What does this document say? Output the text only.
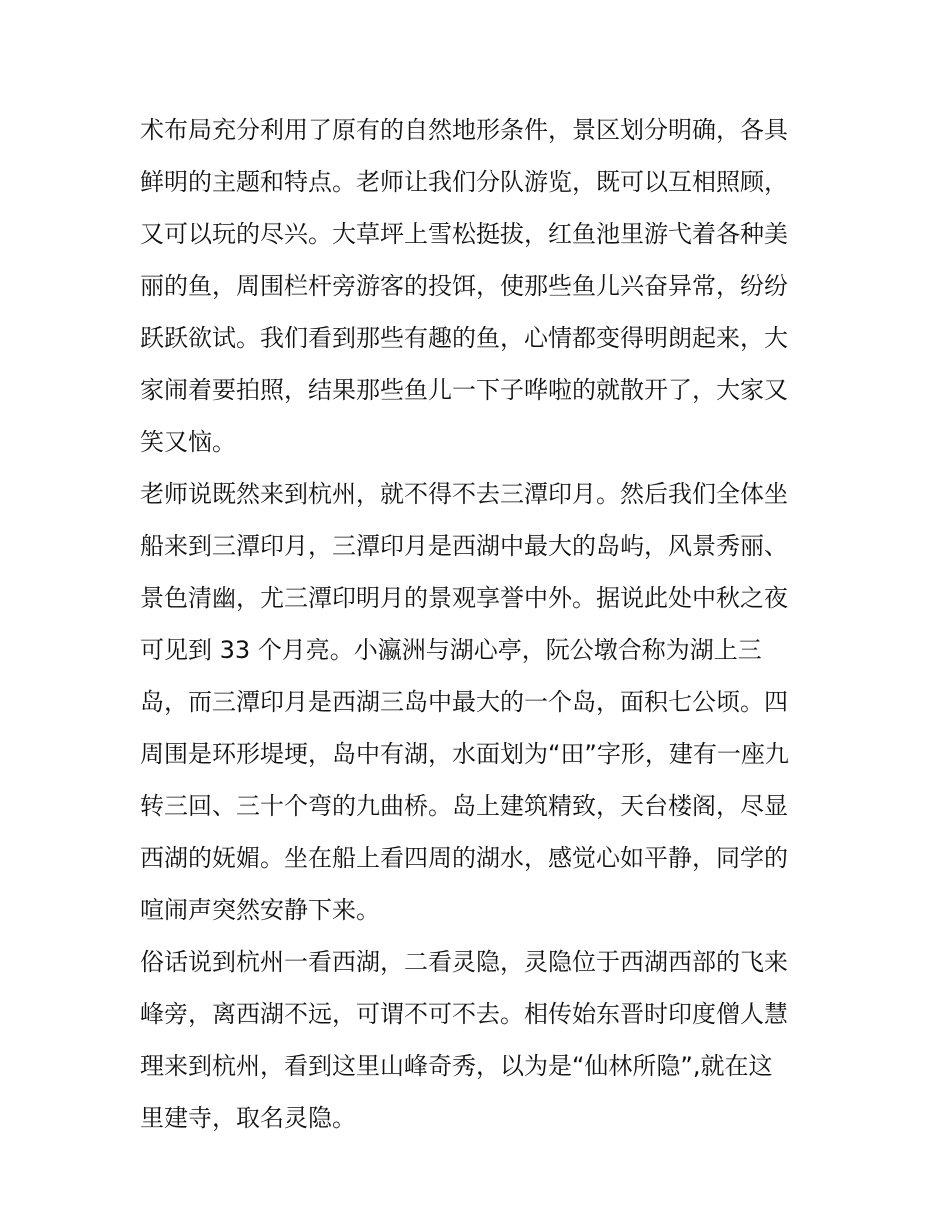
术布局充分利用了原有的自然地形条件，景区划分明确，各具
鲜明的主题和特点。老师让我们分队游览，既可以互相照顾，
又可以玩的尽兴。大草坪上雪松挺拔，红鱼池里游弋着各种美
丽的鱼，周围栏杆旁游客的投饵，使那些鱼儿兴奋异常，纷纷
跃跃欲试。我们看到那些有趣的鱼，心情都变得明朗起来，大
家闹着要拍照，结果那些鱼儿一下子哗啦的就散开了，大家又
笑又恼。
老师说既然来到杭州，就不得不去三潭印月。然后我们全体坐
船来到三潭印月，三潭印月是西湖中最大的岛屿，风景秀丽、
景色清幽，尤三潭印明月的景观享誉中外。据说此处中秋之夜
可见到 33 个月亮。小瀛洲与湖心亭，阮公墩合称为湖上三
岛，而三潭印月是西湖三岛中最大的一个岛，面积七公顷。四
周围是环形堤埂，岛中有湖，水面划为“田”字形，建有一座九
转三回、三十个弯的九曲桥。岛上建筑精致，天台楼阁，尽显
西湖的妩媚。坐在船上看四周的湖水，感觉心如平静，同学的
喧闹声突然安静下来。
俗话说到杭州一看西湖，二看灵隐，灵隐位于西湖西部的飞来
峰旁，离西湖不远，可谓不可不去。相传始东晋时印度僧人慧
理来到杭州，看到这里山峰奇秀，以为是“仙林所隐”,就在这
里建寺，取名灵隐。
